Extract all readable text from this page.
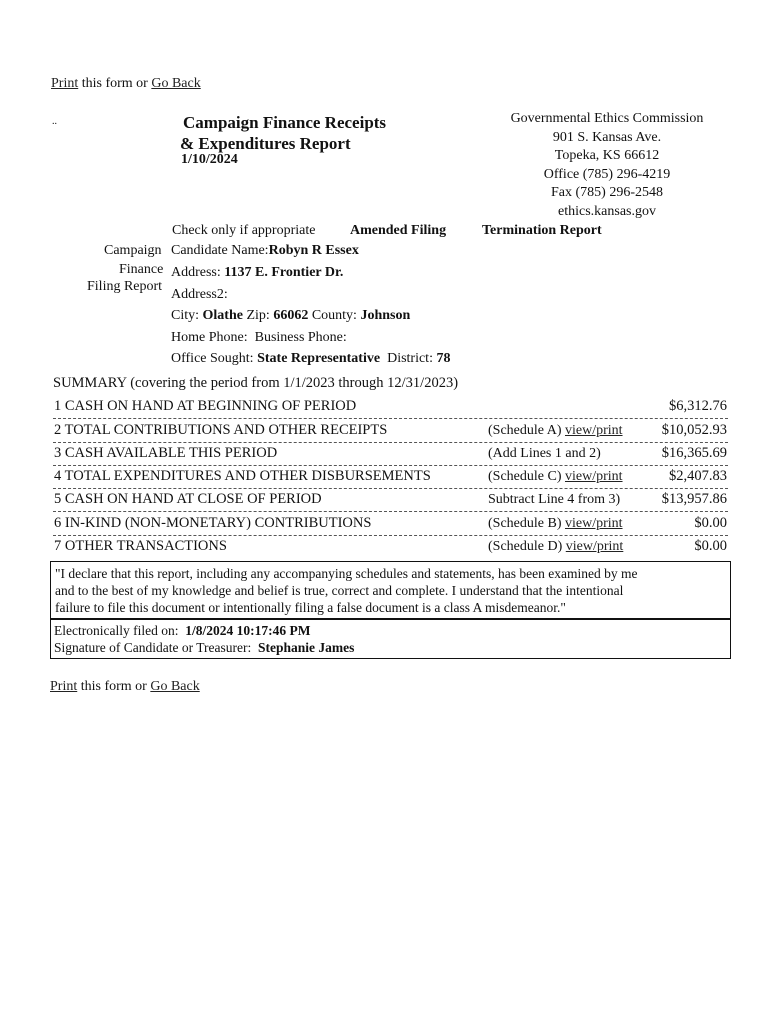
Print this form or Go Back
..	Campaign Finance Receipts
& Expenditures Report
1/10/2024
Governmental Ethics Commission
901 S. Kansas Ave.
Topeka, KS 66612
Office (785) 296-4219
Fax (785) 296-2548
ethics.kansas.gov
Check only if appropriate Amended Filing	Termination Report
Campaign
Finance
Filing Report
Candidate Name:Robyn R Essex
Address: 1137 E. Frontier Dr.
Address2:
City: Olathe Zip: 66062 County: Johnson
Home Phone: Business Phone:
Office Sought: State Representative District: 78
SUMMARY (covering the period from 1/1/2023 through 12/31/2023)
1 CASH ON HAND AT BEGINNING OF PERIOD	$6,312.76
2 TOTAL CONTRIBUTIONS AND OTHER RECEIPTS	(Schedule A) view/print	$10,052.93
3 CASH AVAILABLE THIS PERIOD	(Add Lines 1 and 2)	$16,365.69
4 TOTAL EXPENDITURES AND OTHER DISBURSEMENTS	(Schedule C) view/print	$2,407.83
5 CASH ON HAND AT CLOSE OF PERIOD	Subtract Line 4 from 3)	$13,957.86
6 IN-KIND (NON-MONETARY) CONTRIBUTIONS	(Schedule B) view/print	$0.00
7 OTHER TRANSACTIONS	(Schedule D) view/print	$0.00
"I declare that this report, including any accompanying schedules and statements, has been examined by me
and to the best of my knowledge and belief is true, correct and complete. I understand that the intentional
failure to file this document or intentionally filing a false document is a class A misdemeanor."
Electronically filed on: 1/8/2024 10:17:46 PM
Signature of Candidate or Treasurer: Stephanie James
Print this form or Go Back
